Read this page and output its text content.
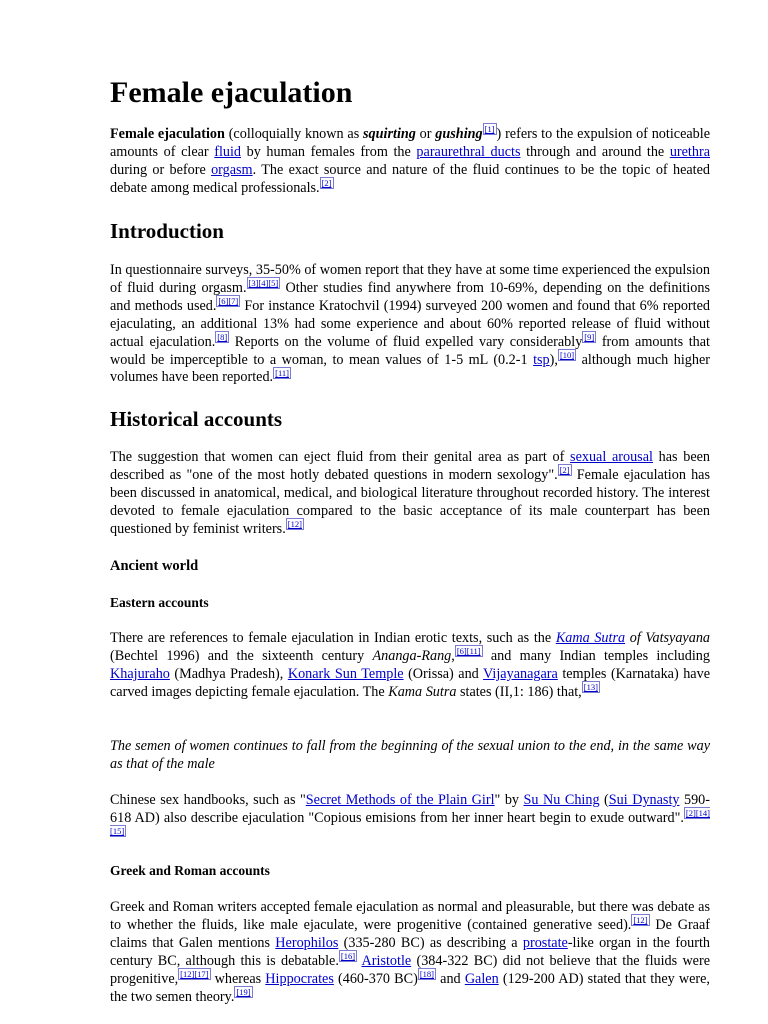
Female ejaculation

Female ejaculation (colloquially known as squirting or gushing [1] ) refers to the expulsion of noticeable amounts of clear fluid by human females from the paraurethral ducts through and around the urethra during or before orgasm. The exact source and nature of the fluid continues to be the topic of heated debate among medical professionals. [2]

Introduction

In questionnaire surveys, 35-50% of women report that they have at some time experienced the expulsion of fluid during orgasm. [3][4][5] Other studies find anywhere from 10-69%, depending on the definitions and methods used. [6][7] For instance Kratochvil (1994) surveyed 200 women and found that 6% reported ejaculating, an additional 13% had some experience and about 60% reported release of fluid without actual ejaculation. [8] Reports on the volume of fluid expelled vary considerably [9] from amounts that would be imperceptible to a woman, to mean values of 1-5 mL (0.2-1 tsp), [10] although much higher volumes have been reported. [11]

Historical accounts

The suggestion that women can eject fluid from their genital area as part of sexual arousal has been described as "one of the most hotly debated questions in modern sexology". [2] Female ejaculation has been discussed in anatomical, medical, and biological literature throughout recorded history. The interest devoted to female ejaculation compared to the basic acceptance of its male counterpart has been questioned by feminist writers. [12]

Ancient world
Eastern accounts

There are references to female ejaculation in Indian erotic texts, such as the Kama Sutra of Vatsyayana (Bechtel 1996) and the sixteenth century Ananga-Rang, [6][11] and many Indian temples including Khajuraho (Madhya Pradesh), Konark Sun Temple (Orissa) and Vijayanagara temples (Karnataka) have carved images depicting female ejaculation. The Kama Sutra states (II,1: 186) that, [13]

The semen of women continues to fall from the beginning of the sexual union to the end, in the same way as that of the male

Chinese sex handbooks, such as "Secret Methods of the Plain Girl" by Su Nu Ching (Sui Dynasty 590-618 AD) also describe ejaculation "Copious emisions from her inner heart begin to exude outward". [2][14][15]

Greek and Roman accounts

Greek and Roman writers accepted female ejaculation as normal and pleasurable, but there was debate as to whether the fluids, like male ejaculate, were progenitive (contained generative seed). [12] De Graaf claims that Galen mentions Herophilos (335-280 BC) as describing a prostate-like organ in the fourth century BC, although this is debatable. [16] Aristotle (384-322 BC) did not believe that the fluids were progenitive, [12][17] whereas Hippocrates (460-370 BC) [18] and Galen (129-200 AD) stated that they were, the two semen theory. [19]
